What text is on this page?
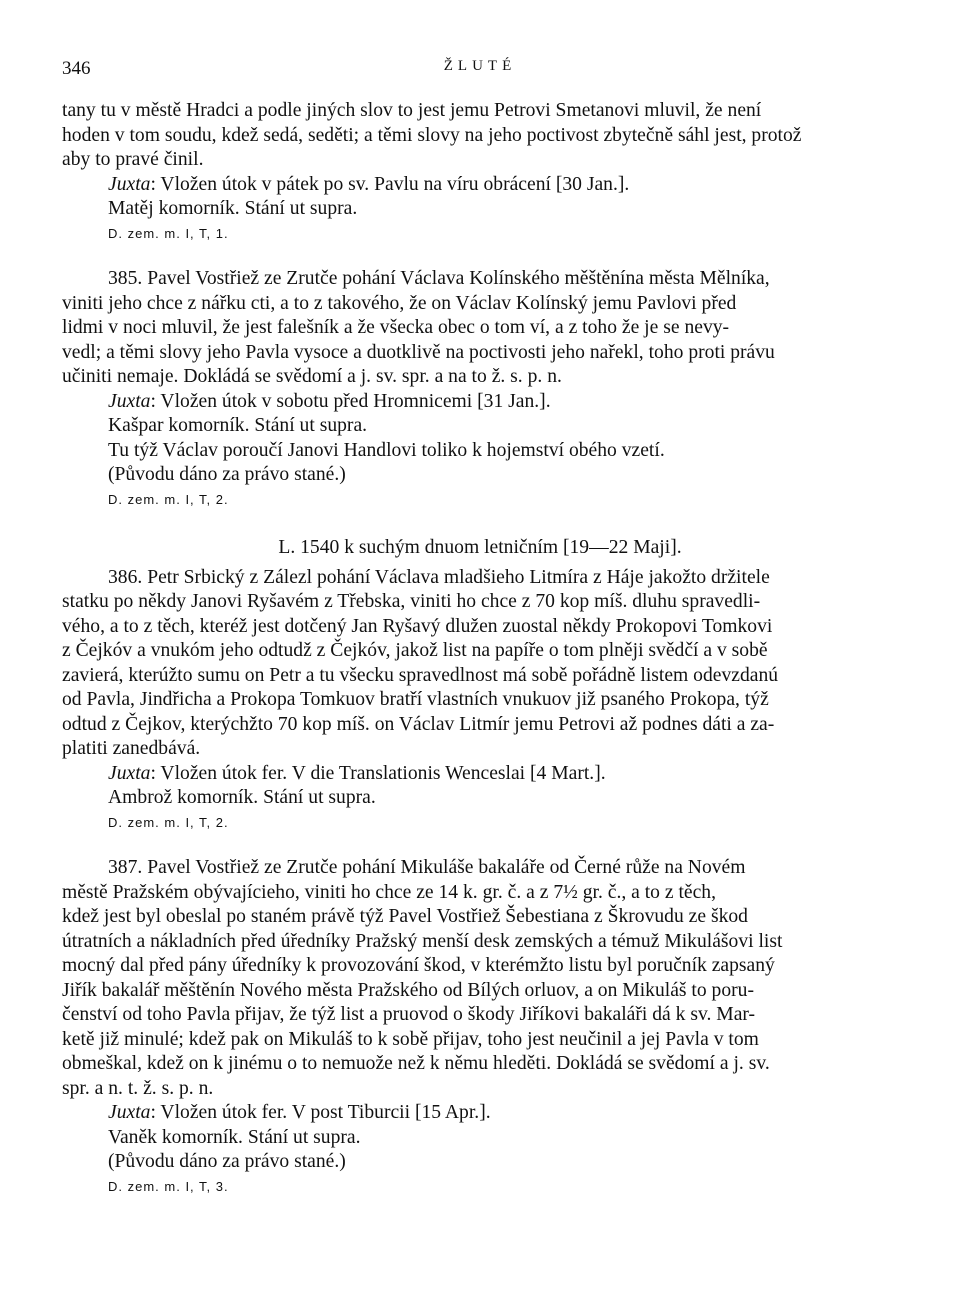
346	ŽLUTÉ

tany tu v městě Hradci a podle jiných slov to jest jemu Petrovi Smetanovi mluvil, že není

hoden v tom soudu, kdež sedá, seděti; a těmi slovy na jeho poctivost zbytečně sáhl jest, protož

aby to pravé činil.

Juxta: Vložen útok v pátek po sv. Pavlu na víru obrácení [30 Jan.].

Matěj komorník. Stání ut supra.

D. zem. m. I, T, 1.

385. Pavel Vostřiež ze Zrutče pohání Václava Kolínského měštěnína města Mělníka,

viniti jeho chce z nářku cti, a to z takového, že on Václav Kolínský jemu Pavlovi před

lidmi v noci mluvil, že jest falešník a že všecka obec o tom ví, a z toho že je se nevy-

vedl; a těmi slovy jeho Pavla vysoce a duotklivě na poctivosti jeho nařekl, toho proti právu

učiniti nemaje. Dokládá se svědomí a j. sv. spr. a na to ž. s. p. n.

Juxta: Vložen útok v sobotu před Hromnicemi [31 Jan.].

Kašpar komorník. Stání ut supra.

Tu týž Václav poroučí Janovi Handlovi toliko k hojemství obého vzetí.

(Původu dáno za právo stané.)

D. zem. m. I, T, 2.

L. 1540 k suchým dnuom letničním [19—22 Maji].

386. Petr Srbický z Zálezl pohání Václava mladšieho Litmíra z Háje jakožto držitele

statku po někdy Janovi Ryšavém z Třebska, viniti ho chce z 70 kop míš. dluhu spravedli-

vého, a to z těch, kteréž jest dotčený Jan Ryšavý dlužen zuostal někdy Prokopovi Tomkovi

z Čejkóv a vnukóm jeho odtudž z Čejkóv, jakož list na papíře o tom plněji svědčí a v sobě

zavierá, kterúžto sumu on Petr a tu všecku spravedlnost má sobě pořádně listem odevzdanú

od Pavla, Jindřicha a Prokopa Tomkuov bratří vlastních vnukuov již psaného Prokopa, týž

odtud z Čejkov, kterýchžto 70 kop míš. on Václav Litmír jemu Petrovi až podnes dáti a za-

platiti zanedbává.

Juxta: Vložen útok fer. V die Translationis Wenceslai [4 Mart.].

Ambrož komorník. Stání ut supra.

D. zem. m. I, T, 2.

387. Pavel Vostřiež ze Zrutče pohání Mikuláše bakaláře od Černé růže na Novém

městě Pražském obývajícieho, viniti ho chce ze 14 k. gr. č. a z 7½ gr. č., a to z těch,

kdež jest byl obeslal po staném právě týž Pavel Vostřiež Šebestiana z Škrovudu ze škod

útratních a nákladních před úředníky Pražský menší desk zemských a témuž Mikulášovi list

mocný dal před pány úředníky k provozování škod, v kterémžto listu byl poručník zapsaný

Jiřík bakalář měštěnín Nového města Pražského od Bílých orluov, a on Mikuláš to poru-

čenství od toho Pavla přijav, že týž list a pruovod o škody Jiříkovi bakaláři dá k sv. Mar-

ketě již minulé; kdež pak on Mikuláš to k sobě přijav, toho jest neučinil a jej Pavla v tom

obmeškal, kdež on k jinému o to nemuože než k němu hleděti. Dokládá se svědomí a j. sv.

spr. a n. t. ž. s. p. n.

Juxta: Vložen útok fer. V post Tiburcii [15 Apr.].

Vaněk komorník. Stání ut supra.

(Původu dáno za právo stané.)

D. zem. m. I, T, 3.
